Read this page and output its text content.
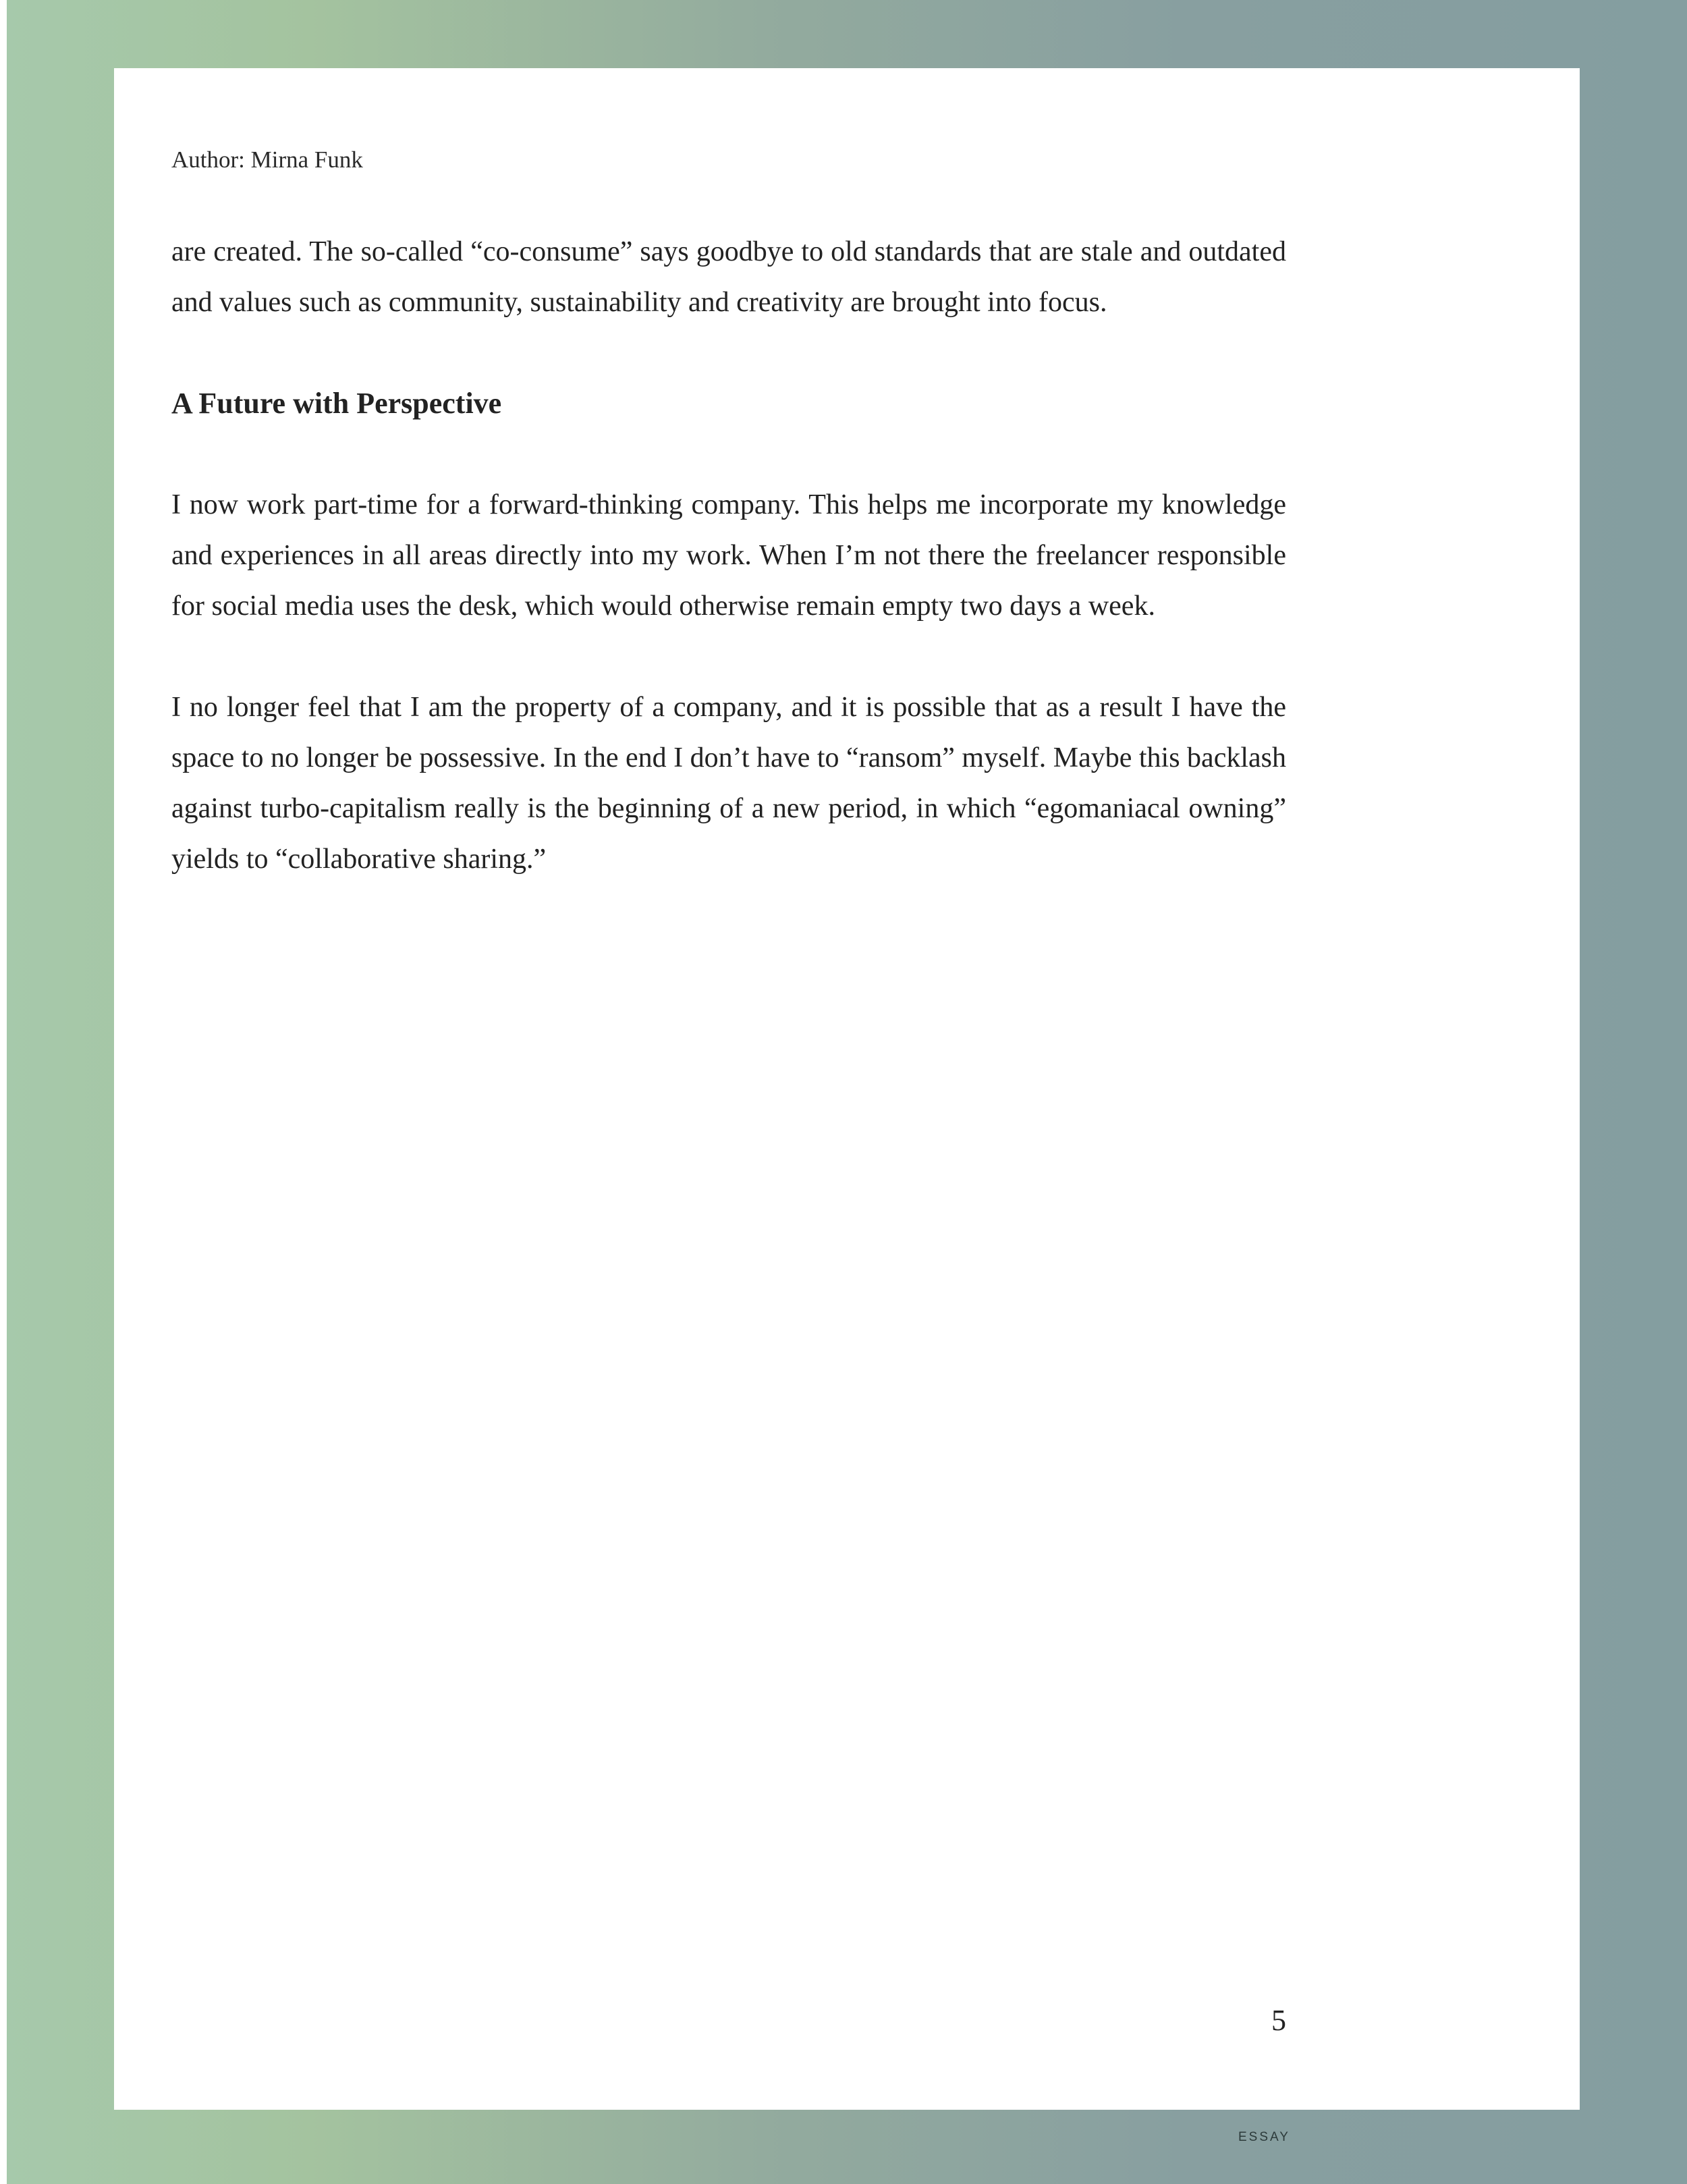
Author: Mirna Funk

are created. The so-called “co-consume” says goodbye to old standards that are stale and outdated and values such as community, sustainability and creativity are brought into focus.

A Future with Perspective

I now work part-time for a forward-thinking company. This helps me incorporate my knowledge and experiences in all areas directly into my work. When I’m not there the freelancer responsible for social media uses the desk, which would otherwise remain empty two days a week.

I no longer feel that I am the property of a company, and it is possible that as a result I have the space to no longer be possessive. In the end I don’t have to “ransom” myself. Maybe this backlash against turbo-capitalism really is the beginning of a new period, in which “egomaniacal owning” yields to “collaborative sharing.”

5

ESSAY
